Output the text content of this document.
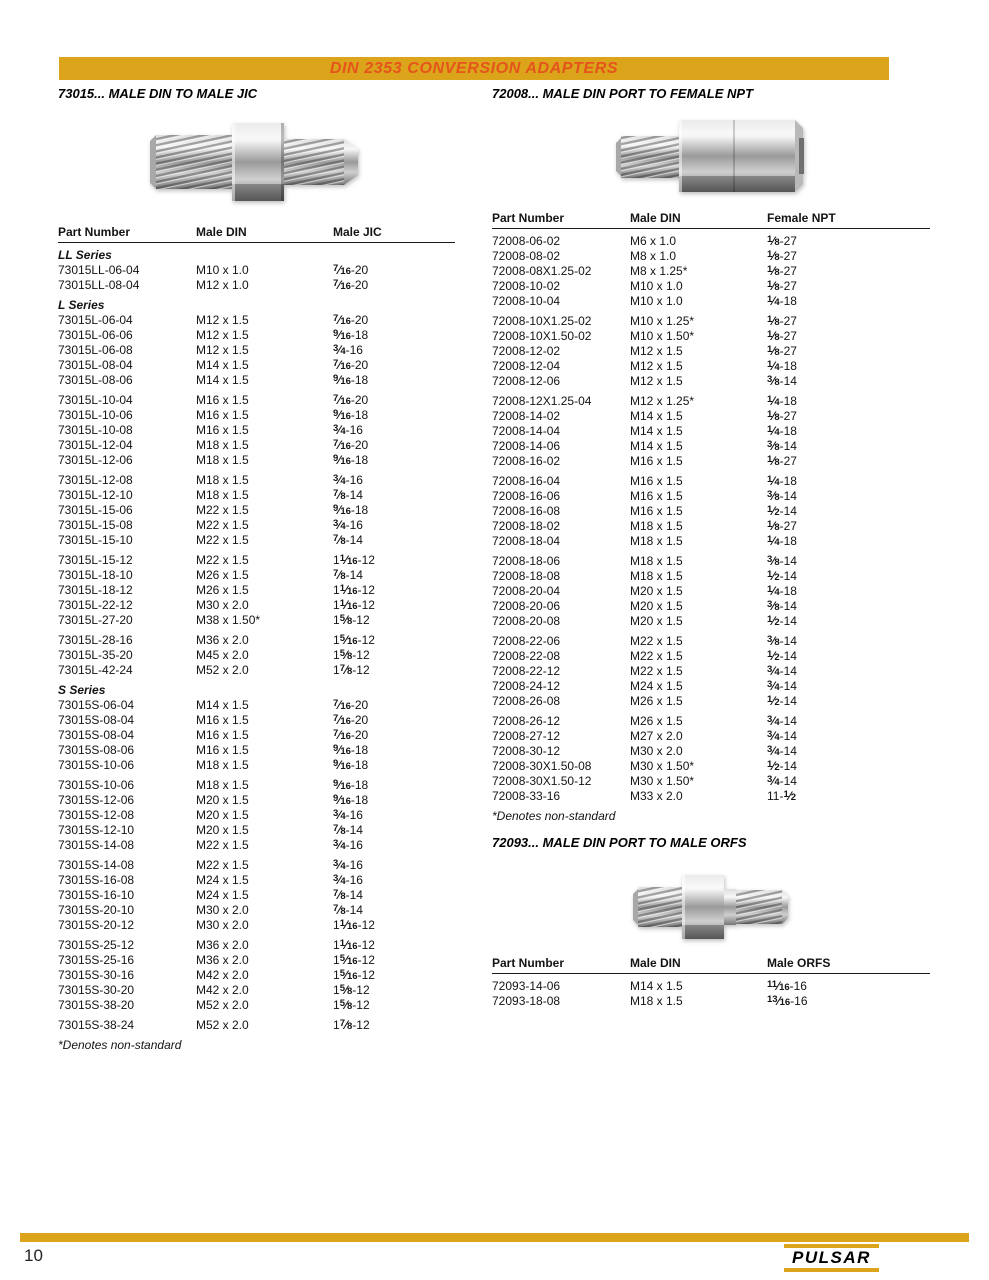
DIN 2353 CONVERSION ADAPTERS
73015... MALE DIN TO MALE JIC
Part Number	Male DIN	Male JIC
LL Series
73015LL-06-04	M10 x 1.0	$^7$⁄16-20
73015LL-08-04	M12 x 1.0	$^7$⁄16-20
L Series
73015L-06-04	M12 x 1.5	$^7$⁄16-20
73015L-06-06	M12 x 1.5	$^9$⁄16-18
73015L-06-08	M12 x 1.5	$^3$⁄4-16
73015L-08-04	M14 x 1.5	$^7$⁄16-20
73015L-08-06	M14 x 1.5	$^9$⁄16-18
73015L-10-04	M16 x 1.5	$^7$⁄16-20
73015L-10-06	M16 x 1.5	$^9$⁄16-18
73015L-10-08	M16 x 1.5	$^3$⁄4-16
73015L-12-04	M18 x 1.5	$^7$⁄16-20
73015L-12-06	M18 x 1.5	$^9$⁄16-18
73015L-12-08	M18 x 1.5	$^3$⁄4-16
73015L-12-10	M18 x 1.5	$^7$⁄8-14
73015L-15-06	M22 x 1.5	$^9$⁄16-18
73015L-15-08	M22 x 1.5	$^3$⁄4-16
73015L-15-10	M22 x 1.5	$^7$⁄8-14
73015L-15-12	M22 x 1.5	$1^1⁄16-12$
73015L-18-10	M26 x 1.5	$^7$⁄8-14
73015L-18-12	M26 x 1.5	$1^1⁄16-12$
73015L-22-12	M30 x 2.0	$1^1⁄16-12$
73015L-27-20	M38 x 1.50*	$1^5⁄8-12$
73015L-28-16	M36 x 2.0	$1^5⁄16-12$
73015L-35-20	M45 x 2.0	$1^5⁄8-12$
73015L-42-24	M52 x 2.0	$1^7⁄8-12$
S Series
73015S-06-04	M14 x 1.5	$^7$⁄16-20
73015S-08-04	M16 x 1.5	$^7$⁄16-20
73015S-08-04	M16 x 1.5	$^7$⁄16-20
73015S-08-06	M16 x 1.5	$^9$⁄16-18
73015S-10-06	M18 x 1.5	$^9$⁄16-18
73015S-10-06	M18 x 1.5	$^9$⁄16-18
73015S-12-06	M20 x 1.5	$^9$⁄16-18
73015S-12-08	M20 x 1.5	$^3$⁄4-16
73015S-12-10	M20 x 1.5	$^7$⁄8-14
73015S-14-08	M22 x 1.5	$^3$⁄4-16
73015S-14-08	M22 x 1.5	$^3$⁄4-16
73015S-16-08	M24 x 1.5	$^3$⁄4-16
73015S-16-10	M24 x 1.5	$^7$⁄8-14
73015S-20-10	M30 x 2.0	$^7$⁄8-14
73015S-20-12	M30 x 2.0	$1^1⁄16-12$
73015S-25-12	M36 x 2.0	$1^1⁄16-12$
73015S-25-16	M36 x 2.0	$1^5⁄16-12$
73015S-30-16	M42 x 2.0	$1^5⁄16-12$
73015S-30-20	M42 x 2.0	$1^5⁄8-12$
73015S-38-20	M52 x 2.0	$1^5⁄8-12$
73015S-38-24	M52 x 2.0	$1^7⁄8-12$
*Denotes non-standard
72008... MALE DIN PORT TO FEMALE NPT
Part Number	Male DIN	Female NPT
72008-06-02	M6 x 1.0	$^1$⁄8-27
72008-08-02	M8 x 1.0	$^1$⁄8-27
72008-08X1.25-02	M8 x 1.25*	$^1$⁄8-27
72008-10-02	M10 x 1.0	$^1$⁄8-27
72008-10-04	M10 x 1.0	$^1$⁄4-18
72008-10X1.25-02	M10 x 1.25*	$^1$⁄8-27
72008-10X1.50-02	M10 x 1.50*	$^1$⁄8-27
72008-12-02	M12 x 1.5	$^1$⁄8-27
72008-12-04	M12 x 1.5	$^1$⁄4-18
72008-12-06	M12 x 1.5	$^3$⁄8-14
72008-12X1.25-04	M12 x 1.25*	$^1$⁄4-18
72008-14-02	M14 x 1.5	$^1$⁄8-27
72008-14-04	M14 x 1.5	$^1$⁄4-18
72008-14-06	M14 x 1.5	$^3$⁄8-14
72008-16-02	M16 x 1.5	$^1$⁄8-27
72008-16-04	M16 x 1.5	$^1$⁄4-18
72008-16-06	M16 x 1.5	$^3$⁄8-14
72008-16-08	M16 x 1.5	$^1$⁄2-14
72008-18-02	M18 x 1.5	$^1$⁄8-27
72008-18-04	M18 x 1.5	$^1$⁄4-18
72008-18-06	M18 x 1.5	$^3$⁄8-14
72008-18-08	M18 x 1.5	$^1$⁄2-14
72008-20-04	M20 x 1.5	$^1$⁄4-18
72008-20-06	M20 x 1.5	$^3$⁄8-14
72008-20-08	M20 x 1.5	$^1$⁄2-14
72008-22-06	M22 x 1.5	$^3$⁄8-14
72008-22-08	M22 x 1.5	$^1$⁄2-14
72008-22-12	M22 x 1.5	$^3$⁄4-14
72008-24-12	M24 x 1.5	$^3$⁄4-14
72008-26-08	M26 x 1.5	$^1$⁄2-14
72008-26-12	M26 x 1.5	$^3$⁄4-14
72008-27-12	M27 x 2.0	$^3$⁄4-14
72008-30-12	M30 x 2.0	$^3$⁄4-14
72008-30X1.50-08	M30 x 1.50*	$^1$⁄2-14
72008-30X1.50-12	M30 x 1.50*	$^3$⁄4-14
72008-33-16	M33 x 2.0	11-$^1$⁄2
*Denotes non-standard
72093... MALE DIN PORT TO MALE ORFS
Part Number	Male DIN	Male ORFS
72093-14-06	M14 x 1.5	$^{11}$⁄16-16
72093-18-08	M18 x 1.5	$^{13}$⁄16-16
10	PULSAR
